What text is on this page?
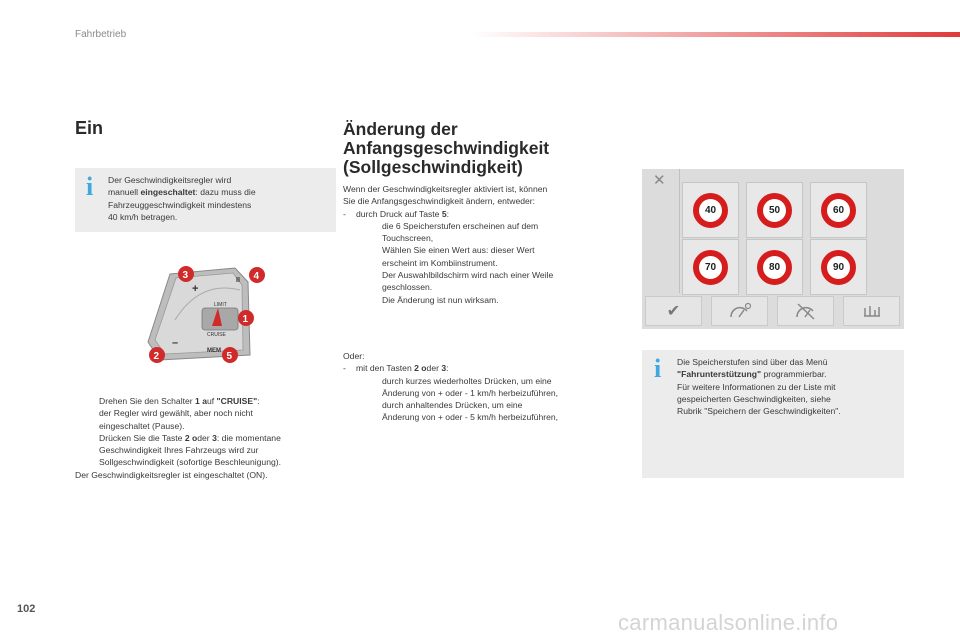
Fahrbetrieb
Ein
i Der Geschwindigkeitsregler wird

manuell eingeschaltet: dazu muss die

Fahrzeuggeschwindigkeit mindestens

40 km/h betragen.

+
–
II
LIMIT
CRUISE
MEM
3	4
1
2	5

Drehen Sie den Schalter 1 auf "CRUISE":

der Regler wird gewählt, aber noch nicht

eingeschaltet (Pause).

Drücken Sie die Taste 2 oder 3: die momentane

Geschwindigkeit Ihres Fahrzeugs wird zur

Sollgeschwindigkeit (sofortige Beschleunigung).

Der Geschwindigkeitsregler ist eingeschaltet (ON).

Änderung der
Anfangsgeschwindigkeit
(Sollgeschwindigkeit)

Wenn der Geschwindigkeitsregler aktiviert ist, können

Sie die Anfangsgeschwindigkeit ändern, entweder:

- durch Druck auf Taste 5:

die 6 Speicherstufen erscheinen auf dem

Touchscreen,

Wählen Sie einen Wert aus: dieser Wert

erscheint im Kombiinstrument.

Der Auswahlbildschirm wird nach einer Weile

geschlossen.

Die Änderung ist nun wirksam.

Oder:

- mit den Tasten 2 oder 3:

durch kurzes wiederholtes Drücken, um eine

Änderung von + oder - 1 km/h herbeizuführen,

durch anhaltendes Drücken, um eine

Änderung von + oder - 5 km/h herbeizuführen,

✕
40	50	60
70	80	90
✔
i Die Speicherstufen sind über das Menü

"Fahrunterstützung" programmierbar.

Für weitere Informationen zu der Liste mit

gespeicherten Geschwindigkeiten, siehe

Rubrik "Speichern der Geschwindigkeiten".

102
carmanualsonline.info
